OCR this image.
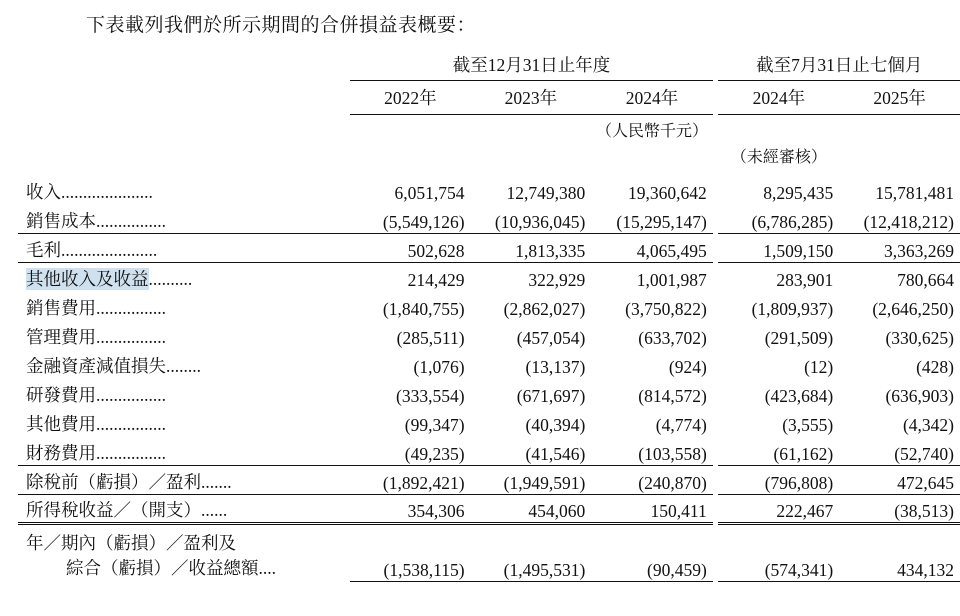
下表載列我們於所示期間的合併損益表概要：
	截至12月31日止年度				截至7月31日止七個月	
	2022年	2023年	2024年		2024年	2025年
			（人民幣千元）			
					（未經審核）	

收入.....................	6,051,754	12,749,380	19,360,642		8,295,435	15,781,481
銷售成本................	(5,549,126)	(10,936,045)	(15,295,147)		(6,786,285)	(12,418,212)
毛利......................	502,628	1,813,335	4,065,495		1,509,150	3,363,269
其他收入及收益..........	214,429	322,929	1,001,987		283,901	780,664
銷售費用................	(1,840,755)	(2,862,027)	(3,750,822)		(1,809,937)	(2,646,250)
管理費用................	(285,511)	(457,054)	(633,702)		(291,509)	(330,625)
金融資產減值損失........	(1,076)	(13,137)	(924)		(12)	(428)
研發費用................	(333,554)	(671,697)	(814,572)		(423,684)	(636,903)
其他費用................	(99,347)	(40,394)	(4,774)		(3,555)	(4,342)
財務費用................	(49,235)	(41,546)	(103,558)		(61,162)	(52,740)
除稅前（虧損）／盈利.......	(1,892,421)	(1,949,591)	(240,870)		(796,808)	472,645
所得稅收益／（開支）......	354,306	454,060	150,411		222,467	(38,513)

年／期內（虧損）／盈利及
綜合（虧損）／收益總額....	(1,538,115)	(1,495,531)	(90,459)		(574,341)	434,132
